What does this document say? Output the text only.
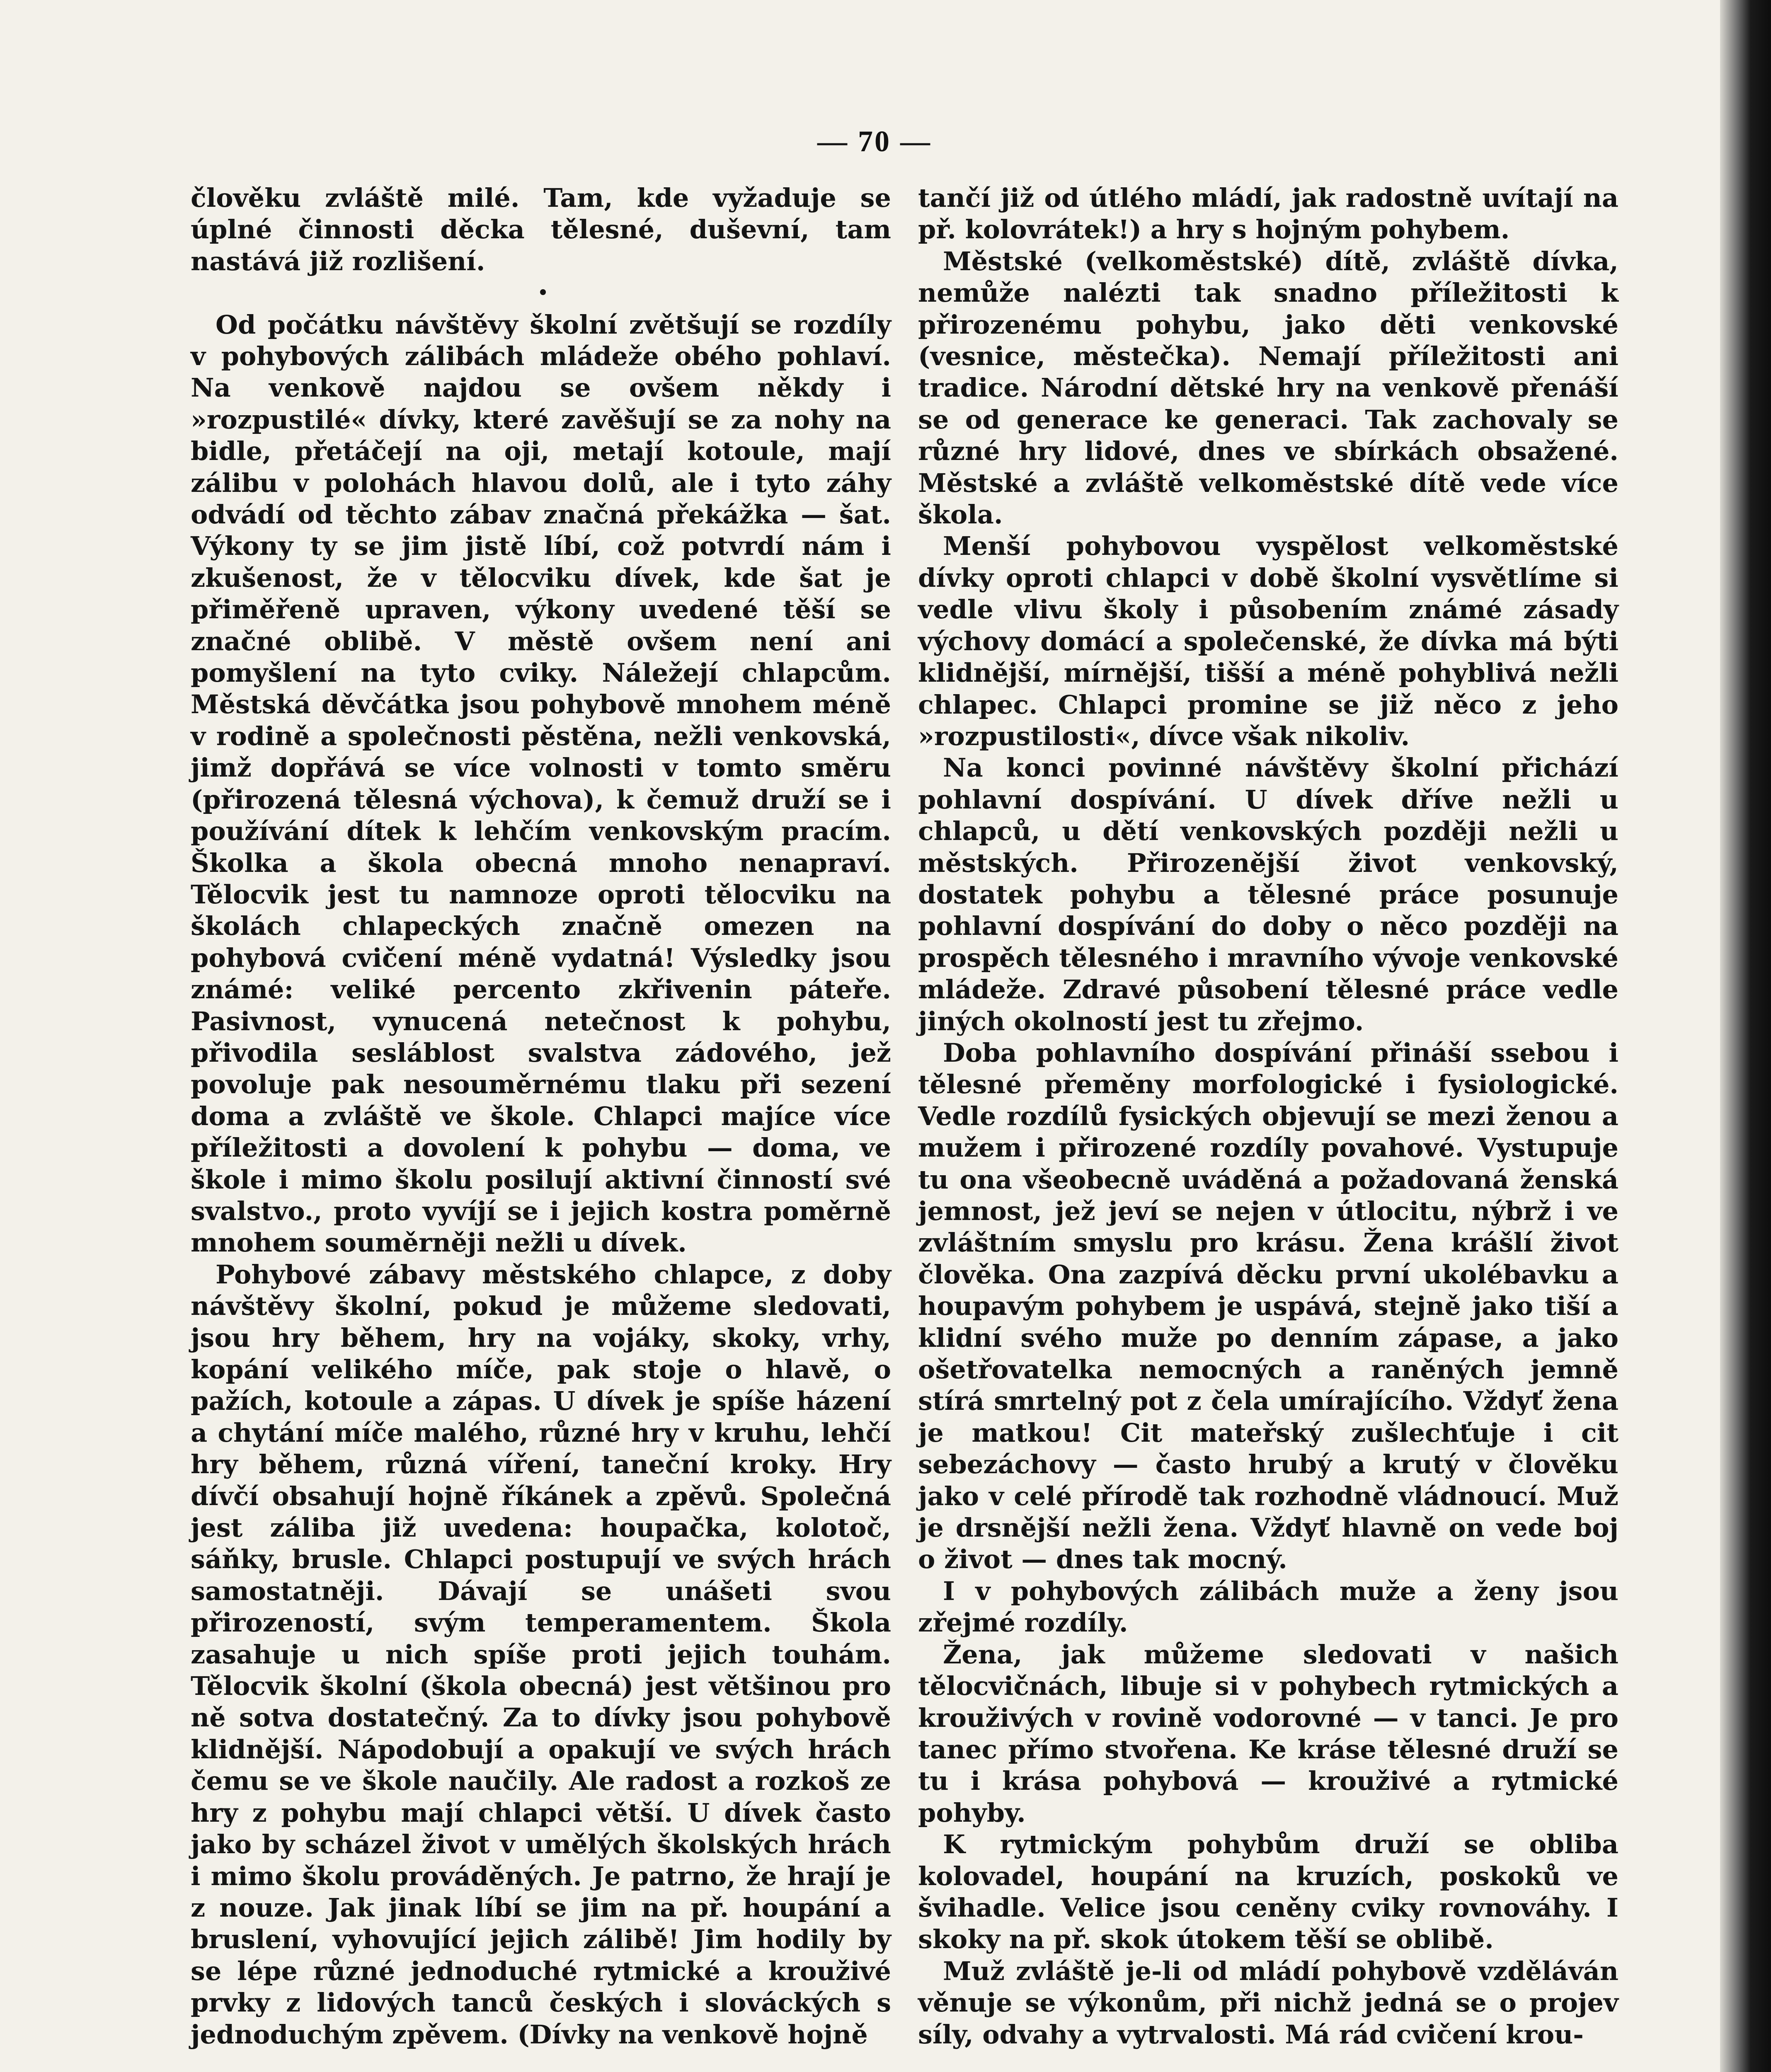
— 70 —

člověku zvláště milé. Tam, kde vyžaduje se úplné činnosti děcka tělesné, duševní, tam nastává již rozlišení.

•

Od počátku návštěvy školní zvětšují se rozdíly v pohybových zálibách mládeže obého pohlaví. Na venkově najdou se ovšem někdy i »rozpustilé« dívky, které zavěšují se za nohy na bidle, přetáčejí na oji, metají kotoule, mají zálibu v polohách hlavou dolů, ale i tyto záhy odvádí od těchto zábav značná překážka — šat. Výkony ty se jim jistě líbí, což potvrdí nám i zkušenost, že v tělocviku dívek, kde šat je přiměřeně upraven, výkony uvedené těší se značné oblibě. V městě ovšem není ani pomyšlení na tyto cviky. Náležejí chlapcům. Městská děvčátka jsou pohybově mnohem méně v rodině a společnosti pěstěna, nežli venkovská, jimž dopřává se více volnosti v tomto směru (přirozená tělesná výchova), k čemuž druží se i používání dítek k lehčím venkovským pracím. Školka a škola obecná mnoho nenapraví. Tělocvik jest tu namnoze oproti tělocviku na školách chlapeckých značně omezen na pohybová cvičení méně vydatná! Výsledky jsou známé: veliké percento zkřivenin páteře. Pasivnost, vynucená netečnost k pohybu, přivodila sesláblost svalstva zádového, jež povoluje pak nesouměrnému tlaku při sezení doma a zvláště ve škole. Chlapci majíce více příležitosti a dovolení k pohybu — doma, ve škole i mimo školu posilují aktivní činností své svalstvo., proto vyvíjí se i jejich kostra poměrně mnohem souměrněji nežli u dívek.

Pohybové zábavy městského chlapce, z doby návštěvy školní, pokud je můžeme sledovati, jsou hry během, hry na vojáky, skoky, vrhy, kopání velikého míče, pak stoje o hlavě, o pažích, kotoule a zápas. U dívek je spíše házení a chytání míče malého, různé hry v kruhu, lehčí hry během, různá víření, taneční kroky. Hry dívčí obsahují hojně říkánek a zpěvů. Společná jest záliba již uvedena: houpačka, kolotoč, sáňky, brusle. Chlapci postupují ve svých hrách samostatněji. Dávají se unášeti svou přirozeností, svým temperamentem. Škola zasahuje u nich spíše proti jejich touhám. Tělocvik školní (škola obecná) jest většinou pro ně sotva dostatečný. Za to dívky jsou pohybově klidnější. Nápodobují a opakují ve svých hrách čemu se ve škole naučily. Ale radost a rozkoš ze hry z pohybu mají chlapci větší. U dívek často jako by scházel život v umělých školských hrách i mimo školu prováděných. Je patrno, že hrají je z nouze. Jak jinak líbí se jim na př. houpání a bruslení, vyhovující jejich zálibě! Jim hodily by se lépe různé jednoduché rytmické a krouživé prvky z lidových tanců českých i slováckých s jednoduchým zpěvem. (Dívky na venkově hojně

tančí již od útlého mládí, jak radostně uvítají na př. kolovrátek!) a hry s hojným pohybem.

Městské (velkoměstské) dítě, zvláště dívka, nemůže nalézti tak snadno příležitosti k přirozenému pohybu, jako děti venkovské (vesnice, městečka). Nemají příležitosti ani tradice. Národní dětské hry na venkově přenáší se od generace ke generaci. Tak zachovaly se různé hry lidové, dnes ve sbírkách obsažené. Městské a zvláště velkoměstské dítě vede více škola.

Menší pohybovou vyspělost velkoměstské dívky oproti chlapci v době školní vysvětlíme si vedle vlivu školy i působením známé zásady výchovy domácí a společenské, že dívka má býti klidnější, mírnější, tišší a méně pohyblivá nežli chlapec. Chlapci promine se již něco z jeho »rozpustilosti«, dívce však nikoliv.

Na konci povinné návštěvy školní přichází pohlavní dospívání. U dívek dříve nežli u chlapců, u dětí venkovských později nežli u městských. Přirozenější život venkovský, dostatek pohybu a tělesné práce posunuje pohlavní dospívání do doby o něco později na prospěch tělesného i mravního vývoje venkovské mládeže. Zdravé působení tělesné práce vedle jiných okolností jest tu zřejmo.

Doba pohlavního dospívání přináší ssebou i tělesné přeměny morfologické i fysiologické. Vedle rozdílů fysických objevují se mezi ženou a mužem i přirozené rozdíly povahové. Vystupuje tu ona všeobecně uváděná a požadovaná ženská jemnost, jež jeví se nejen v útlocitu, nýbrž i ve zvláštním smyslu pro krásu. Žena krášlí život člověka. Ona zazpívá děcku první ukolébavku a houpavým pohybem je uspává, stejně jako tiší a klidní svého muže po denním zápase, a jako ošetřovatelka nemocných a raněných jemně stírá smrtelný pot z čela umírajícího. Vždyť žena je matkou! Cit mateřský zušlechťuje i cit sebezáchovy — často hrubý a krutý v člověku jako v celé přírodě tak rozhodně vládnoucí. Muž je drsnější nežli žena. Vždyť hlavně on vede boj o život — dnes tak mocný.

I v pohybových zálibách muže a ženy jsou zřejmé rozdíly.

Žena, jak můžeme sledovati v našich tělocvičnách, libuje si v pohybech rytmických a krouživých v rovině vodorovné — v tanci. Je pro tanec přímo stvořena. Ke kráse tělesné druží se tu i krása pohybová — krouživé a rytmické pohyby.

K rytmickým pohybům druží se obliba kolovadel, houpání na kruzích, poskoků ve švihadle. Velice jsou ceněny cviky rovnováhy. I skoky na př. skok útokem těší se oblibě.

Muž zvláště je-li od mládí pohybově vzděláván věnuje se výkonům, při nichž jedná se o projev síly, odvahy a vytrvalosti. Má rád cvičení krou-
